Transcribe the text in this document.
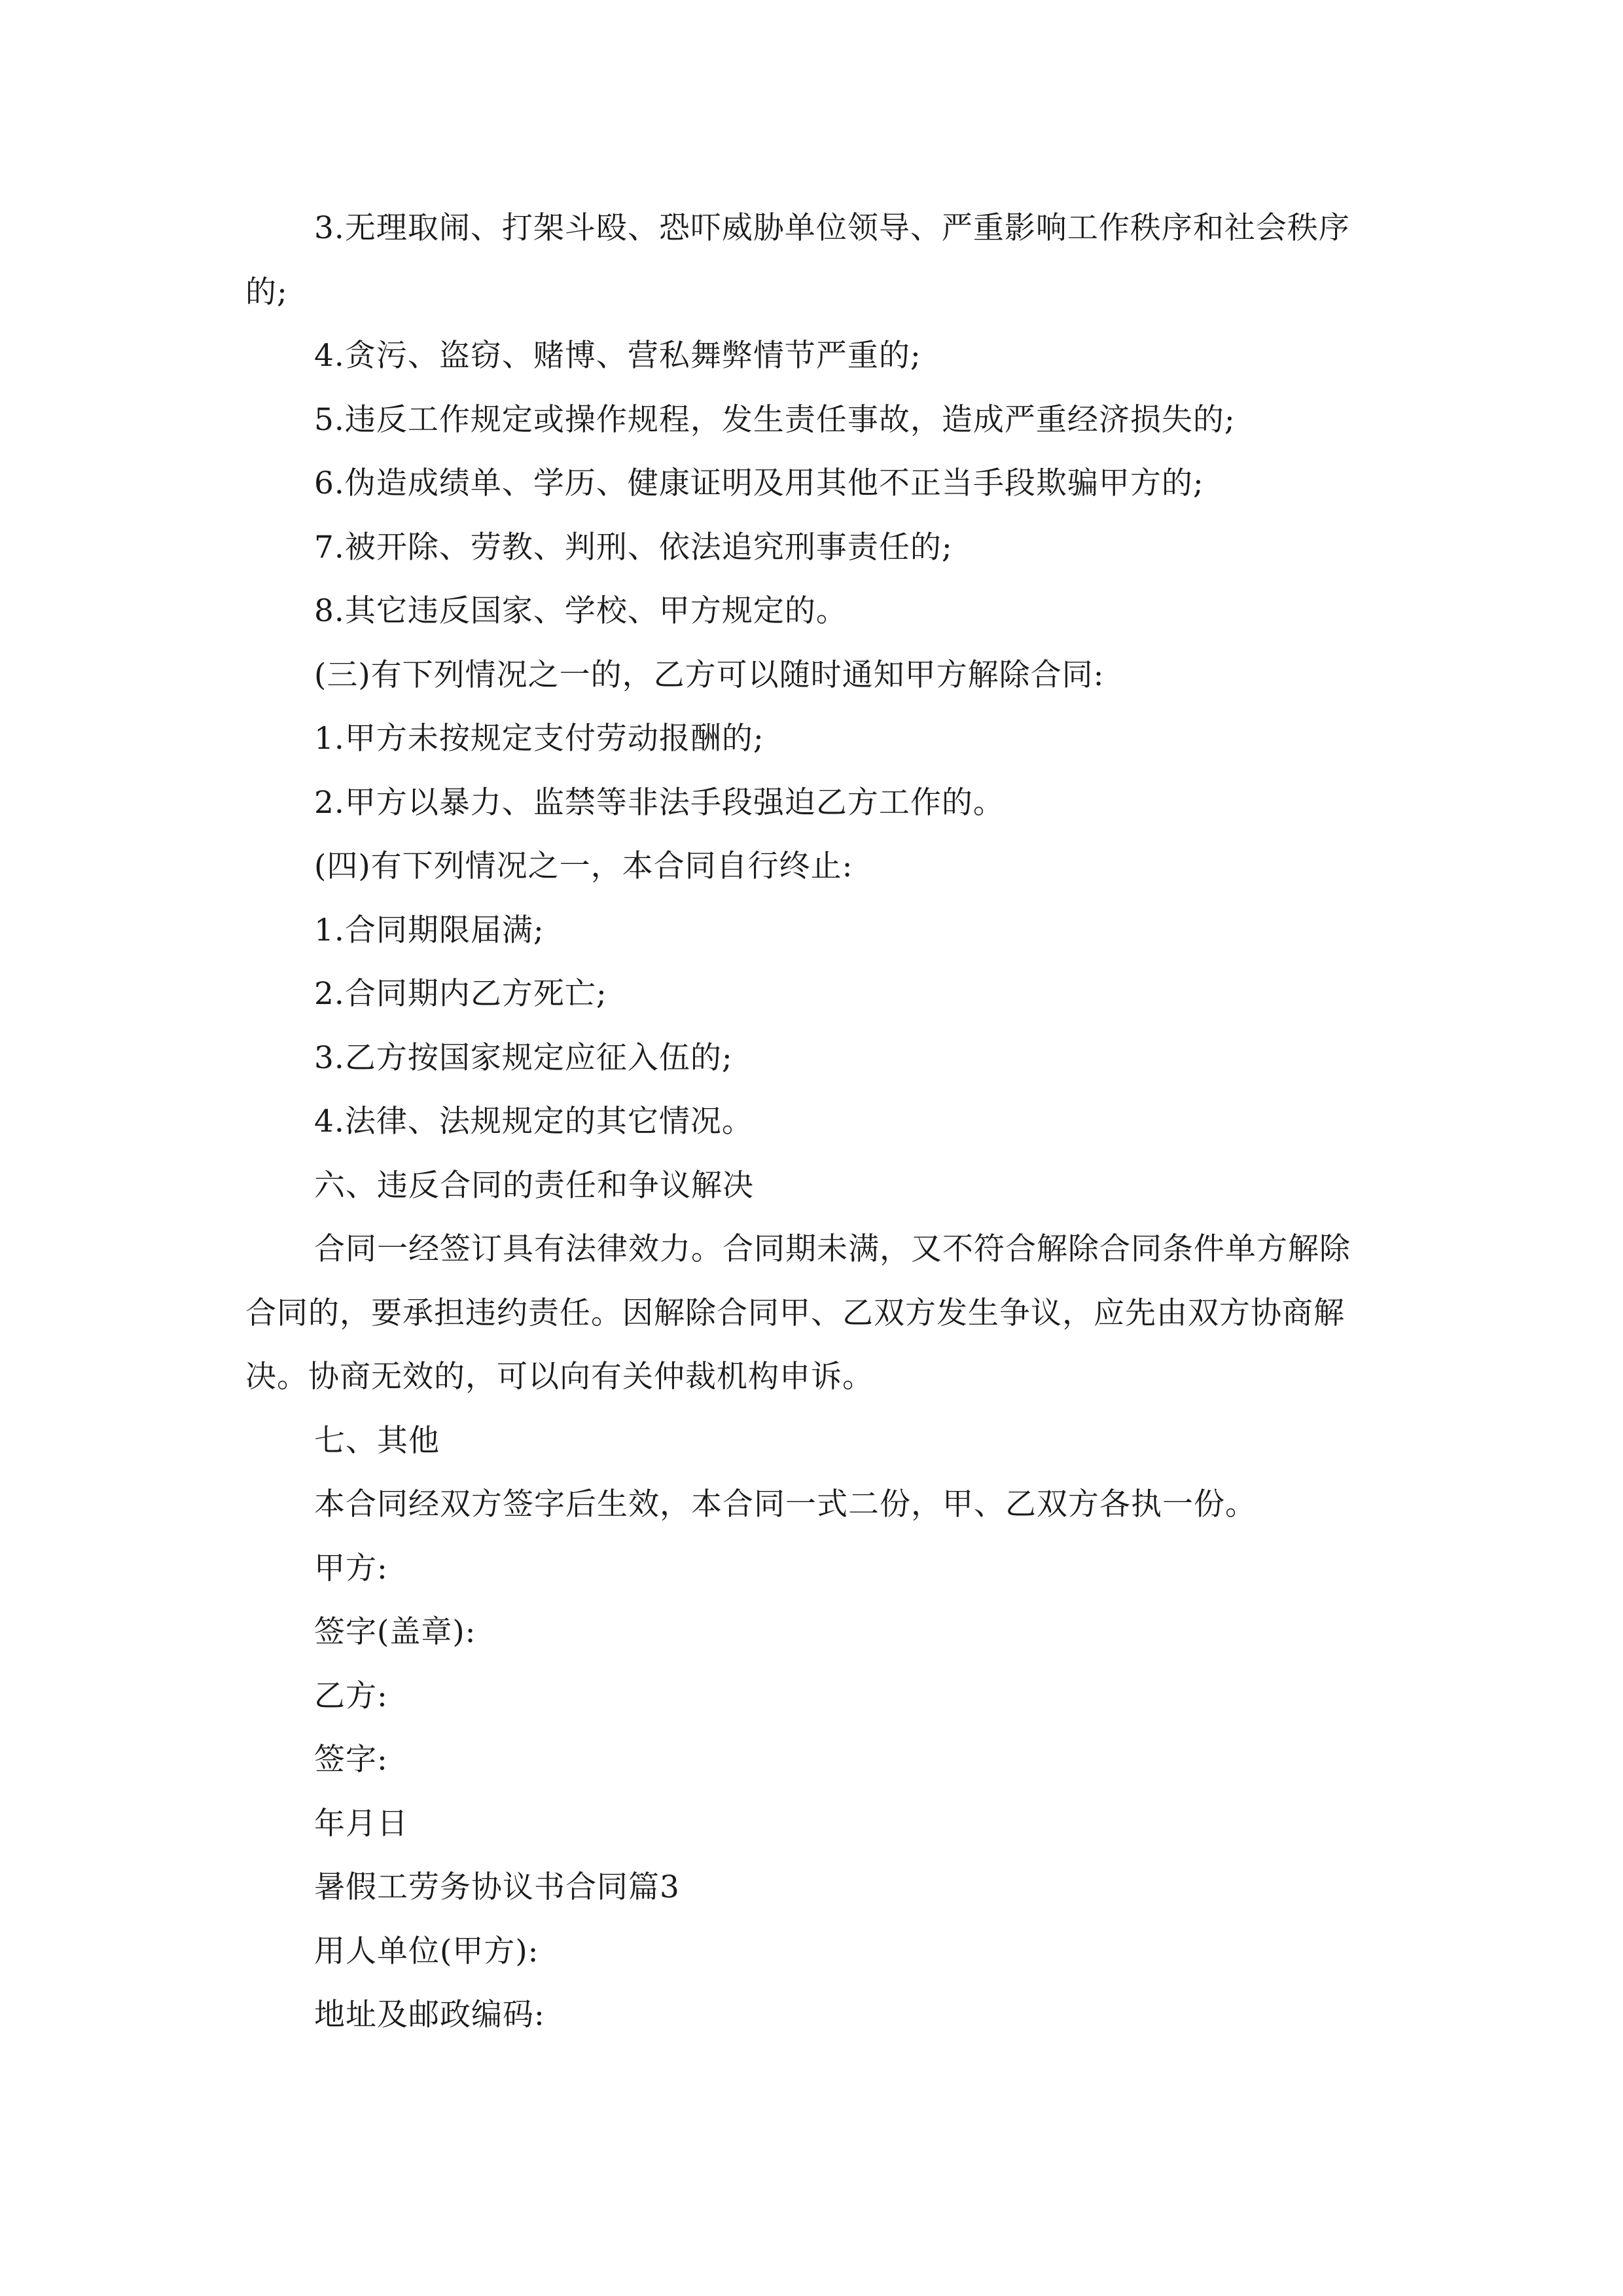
3.无理取闹、打架斗殴、恐吓威胁单位领导、严重影响工作秩序和社会秩序的;

4.贪污、盗窃、赌博、营私舞弊情节严重的;

5.违反工作规定或操作规程，发生责任事故，造成严重经济损失的;

6.伪造成绩单、学历、健康证明及用其他不正当手段欺骗甲方的;

7.被开除、劳教、判刑、依法追究刑事责任的;

8.其它违反国家、学校、甲方规定的。

(三)有下列情况之一的，乙方可以随时通知甲方解除合同:

1.甲方未按规定支付劳动报酬的;

2.甲方以暴力、监禁等非法手段强迫乙方工作的。

(四)有下列情况之一，本合同自行终止:

1.合同期限届满;

2.合同期内乙方死亡;

3.乙方按国家规定应征入伍的;

4.法律、法规规定的其它情况。

六、违反合同的责任和争议解决

合同一经签订具有法律效力。合同期未满，又不符合解除合同条件单方解除合同的，要承担违约责任。因解除合同甲、乙双方发生争议，应先由双方协商解决。协商无效的，可以向有关仲裁机构申诉。

七、其他

本合同经双方签字后生效，本合同一式二份，甲、乙双方各执一份。

甲方:

签字(盖章):

乙方:

签字:

年月日

暑假工劳务协议书合同篇3

用人单位(甲方):

地址及邮政编码:
